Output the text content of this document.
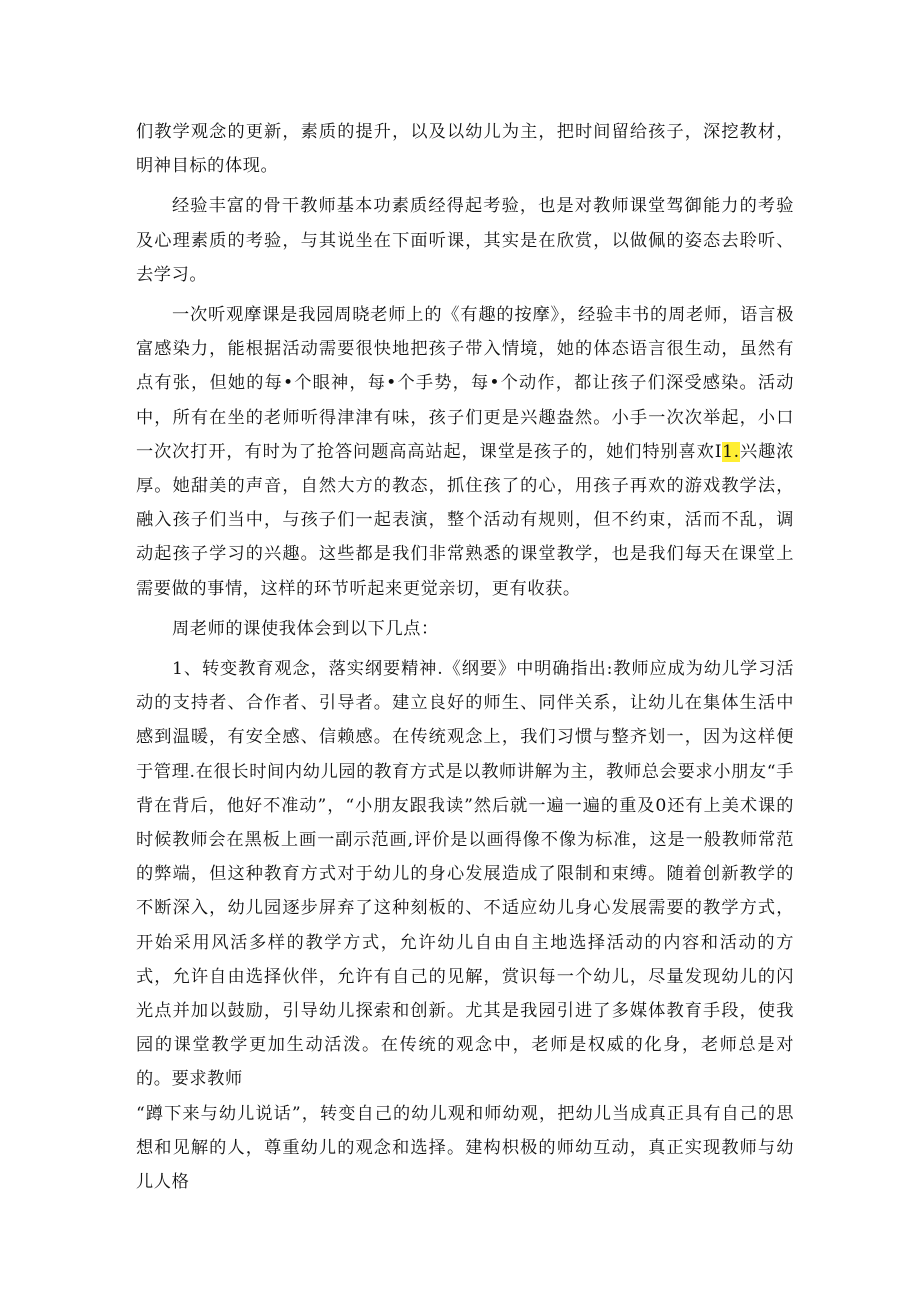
们教学观念的更新，素质的提升，以及以幼儿为主，把时间留给孩子，深挖教材，明神目标的体现。

经验丰富的骨干教师基本功素质经得起考验，也是对教师课堂驾御能力的考验及心理素质的考验，与其说坐在下面听课，其实是在欣赏，以做佩的姿态去聆听、去学习。

一次听观摩课是我园周晓老师上的《有趣的按摩》，经验丰书的周老师，语言极富感染力，能根据活动需要很快地把孩子带入情境，她的体态语言很生动，虽然有点有张，但她的每•个眼神，每•个手势，每•个动作，都让孩子们深受感染。活动中，所有在坐的老师听得津津有味，孩子们更是兴趣盎然。小手一次次举起，小口一次次打开，有时为了抢答问题高高站起，课堂是孩子的，她们特别喜欢I1.兴趣浓厚。她甜美的声音，自然大方的教态，抓住孩了的心，用孩子再欢的游戏教学法，融入孩子们当中，与孩子们一起表演，整个活动有规则，但不约束，活而不乱，调动起孩子学习的兴趣。这些都是我们非常熟悉的课堂教学，也是我们每天在课堂上需要做的事情，这样的环节听起来更觉亲切，更有收获。

周老师的课使我体会到以下几点：

1、转变教育观念，落实纲要精神.《纲要》中明确指出:教师应成为幼儿学习活动的支持者、合作者、引导者。建立良好的师生、同伴关系，让幼儿在集体生活中感到温暖，有安全感、信赖感。在传统观念上，我们习惯与整齐划一，因为这样便于管理.在很长时间内幼儿园的教育方式是以教师讲解为主，教师总会要求小朋友“手背在背后，他好不准动”，“小朋友跟我读”然后就一遍一遍的重及0还有上美术课的时候教师会在黑板上画一副示范画,评价是以画得像不像为标准，这是一般教师常范的弊端，但这种教育方式对于幼儿的身心发展造成了限制和束缚。随着创新教学的不断深入，幼儿园逐步屏弃了这种刻板的、不适应幼儿身心发展需要的教学方式，开始采用风活多样的教学方式，允许幼儿自由自主地选择活动的内容和活动的方式，允许自由选择伙伴，允许有自己的见解，赏识每一个幼儿，尽量发现幼儿的闪光点并加以鼓励，引导幼儿探索和创新。尤其是我园引进了多媒体教育手段，使我园的课堂教学更加生动活泼。在传统的观念中，老师是权威的化身，老师总是对的。要求教师

“蹲下来与幼儿说话”，转变自己的幼儿观和师幼观，把幼儿当成真正具有自己的思想和见解的人，尊重幼儿的观念和选择。建构枳极的师幼互动，真正实现教师与幼儿人格
